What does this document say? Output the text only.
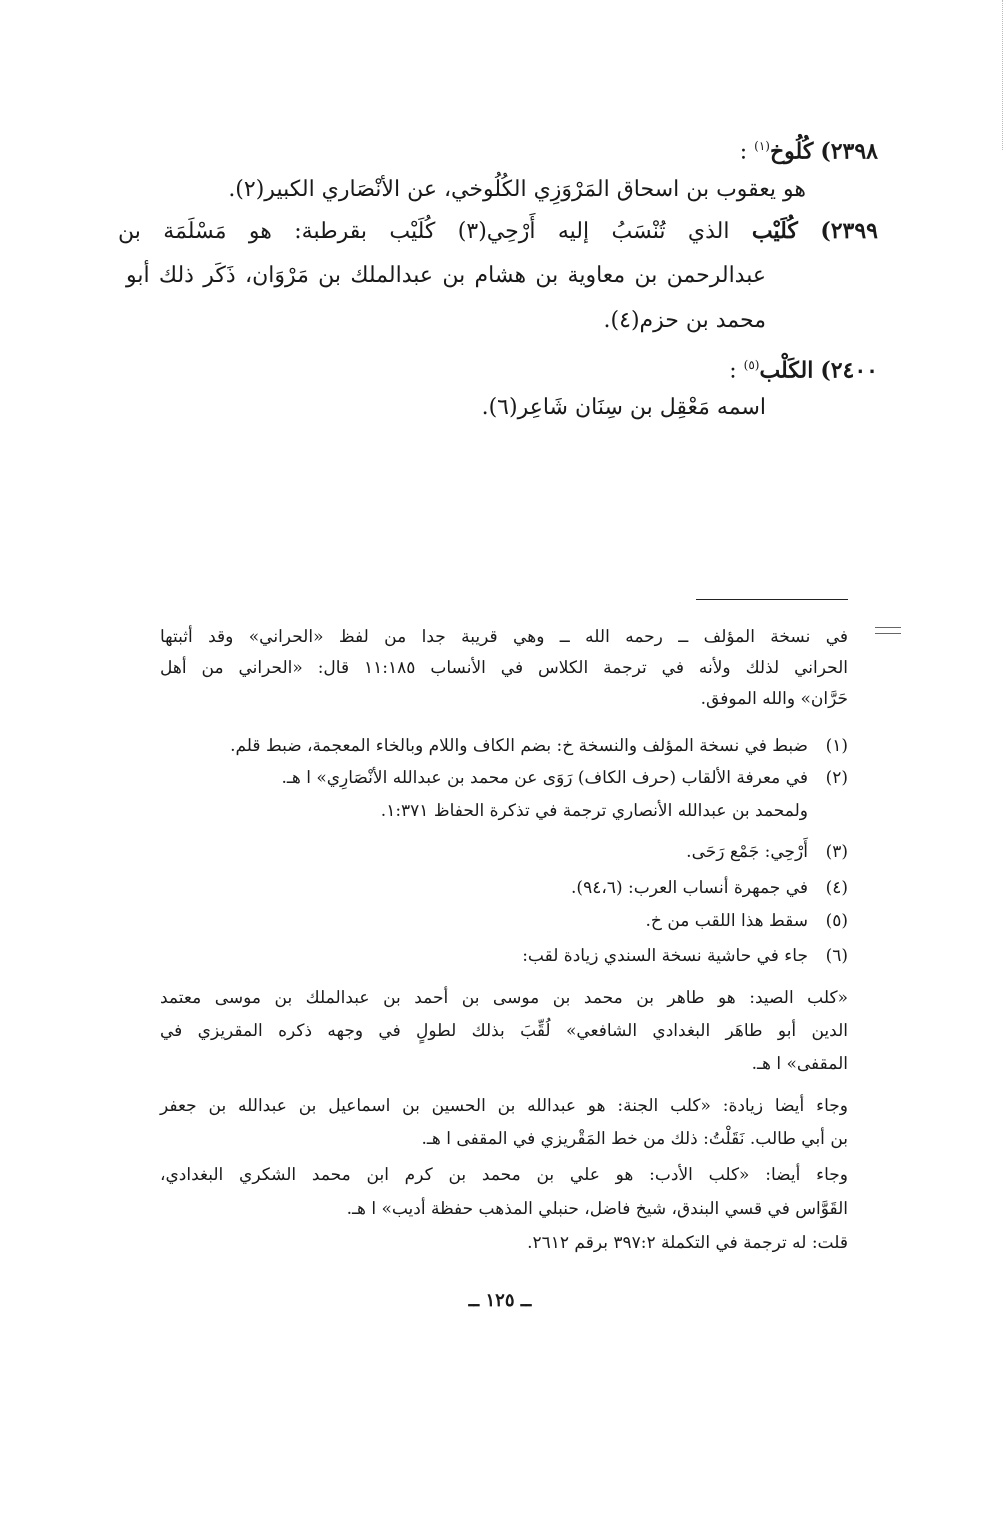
٢٣٩٨) كُلُوخ$^{(١)}$ :
هو يعقوب بن اسحاق المَرْوَزِي الكُلُوخي، عن الأنْصَاري الكبير(٢).
٢٣٩٩) كُلَيْب الذي تُنْسَبُ إليه أَرْحِي(٣) كُلَيْب بقرطبة: هو مَسْلَمَة بن
عبدالرحمن بن معاوية بن هشام بن عبدالملك بن مَرْوَان، ذَكَر ذلك أبو
محمد بن حزم(٤).
٢٤٠٠) الكَلْب$^{(٥)}$ :
اسمه مَعْقِل بن سِنَان شَاعِر(٦).
في نسخة المؤلف ــ رحمه الله ــ وهي قريبة جدا من لفظ «الحراني» وقد أثبتها
الحراني لذلك ولأنه في ترجمة الكلاس في الأنساب ١١:١٨٥ قال: «الحراني من أهل
حَرَّان» والله الموفق.
(١)ضبط في نسخة المؤلف والنسخة خ: بضم الكاف واللام وبالخاء المعجمة، ضبط قلم.
(٢)في معرفة الألقاب (حرف الكاف) رَوَى عن محمد بن عبدالله الأنْصَارِي» ا هـ.
ولمحمد بن عبدالله الأنصاري ترجمة في تذكرة الحفاظ ١:٣٧١.
(٣)أَرْحِي: جَمْع رَحَى.
(٤)في جمهرة أنساب العرب: (٩٤،٦).
(٥)سقط هذا اللقب من خ.
(٦)جاء في حاشية نسخة السندي زيادة لقب:
«كلب الصيد: هو طاهر بن محمد بن موسى بن أحمد بن عبدالملك بن موسى معتمد
الدين أبو طاهَر البغدادي الشافعي» لُقِّبَ بذلك لطولٍ في وجهه ذكره المقريزي في
المقفى» ا هـ.
وجاء أيضا زيادة: «كلب الجنة: هو عبدالله بن الحسين بن اسماعيل بن عبدالله بن جعفر
بن أبي طالب. نَقَلْتُ: ذلك من خط المَقْريزي في المقفى ا هـ.
وجاء أيضا: «كلب الأدب: هو علي بن محمد بن كرم ابن محمد الشكري البغدادي،
القَوَّاس في قسي البندق، شيخ فاضل، حنبلي المذهب حفظة أديب» ا هـ.
قلت: له ترجمة في التكملة ٣٩٧:٢ برقم ٢٦١٢.
ــ ١٢٥ ــ
